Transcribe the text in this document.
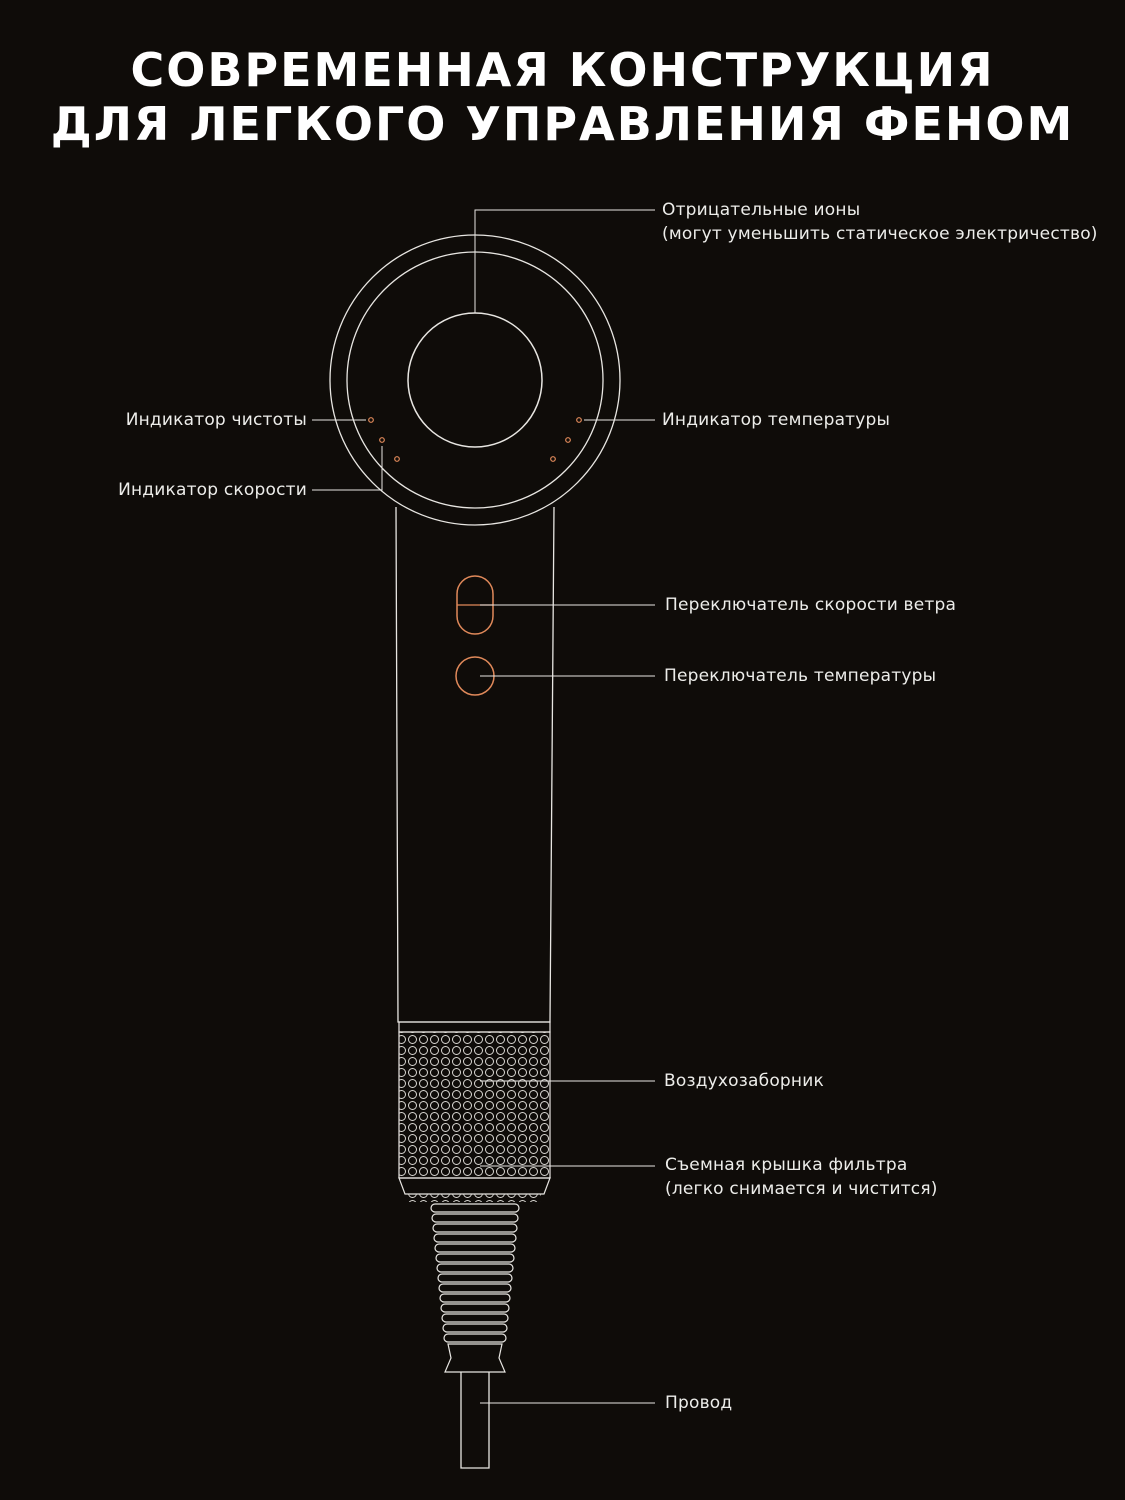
СОВРЕМЕННАЯ КОНСТРУКЦИЯ
ДЛЯ ЛЕГКОГО УПРАВЛЕНИЯ ФЕНОМ
Отрицательные ионы
(могут уменьшить статическое электричество)
Индикатор чистоты
Индикатор скорости
Индикатор температуры
Переключатель скорости ветра
Переключатель температуры
Воздухозаборник
Съемная крышка фильтра
(легко снимается и чистится)
Провод
